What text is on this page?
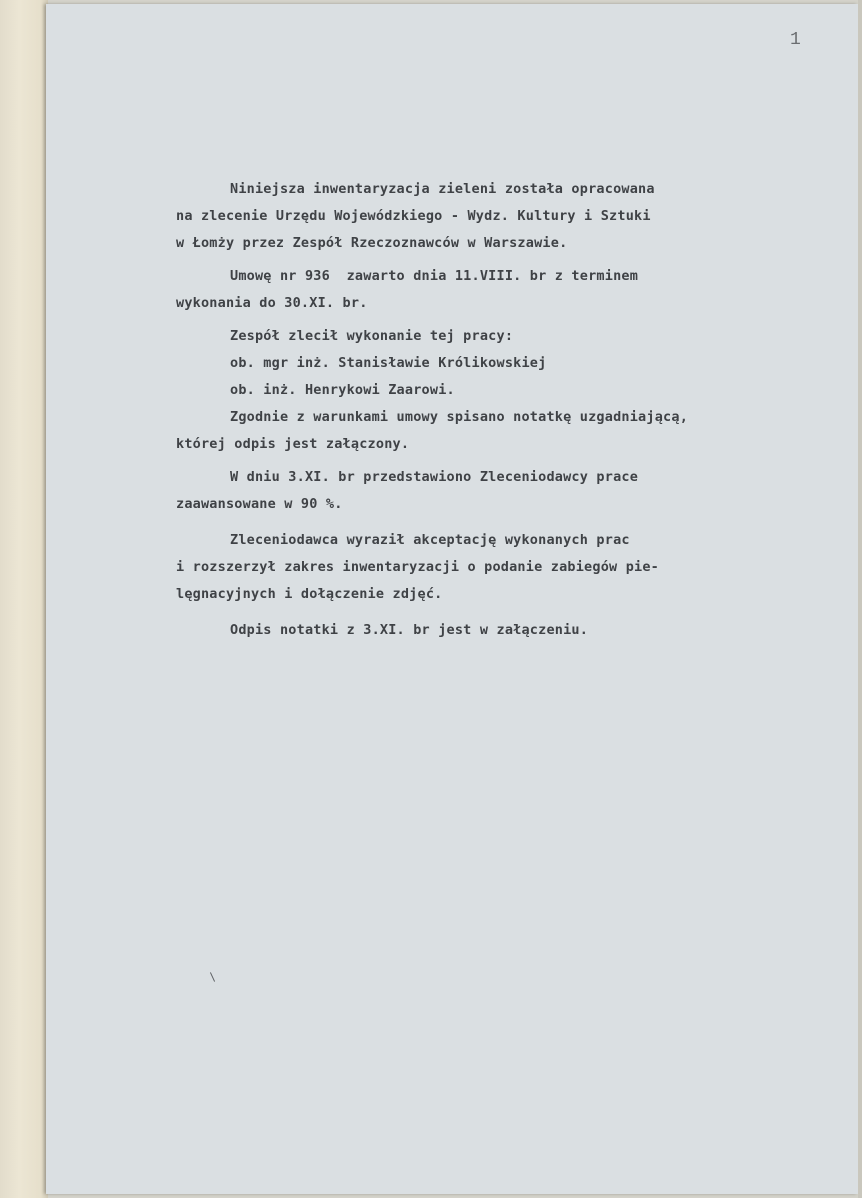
1
Niniejsza inwentaryzacja zieleni została opracowana
na zlecenie Urzędu Wojewódzkiego - Wydz. Kultury i Sztuki
w Łomży przez Zespół Rzeczoznawców w Warszawie.
Umowę nr 936  zawarto dnia 11.VIII. br z terminem
wykonania do 30.XI. br.
Zespół zlecił wykonanie tej pracy:
ob. mgr inż. Stanisławie Królikowskiej
ob. inż. Henrykowi Zaarowi.
Zgodnie z warunkami umowy spisano notatkę uzgadniającą,
której odpis jest załączony.
W dniu 3.XI. br przedstawiono Zleceniodawcy prace
zaawansowane w 90 %.
Zleceniodawca wyraził akceptację wykonanych prac
i rozszerzył zakres inwentaryzacji o podanie zabiegów pie-
lęgnacyjnych i dołączenie zdjęć.
Odpis notatki z 3.XI. br jest w załączeniu.
